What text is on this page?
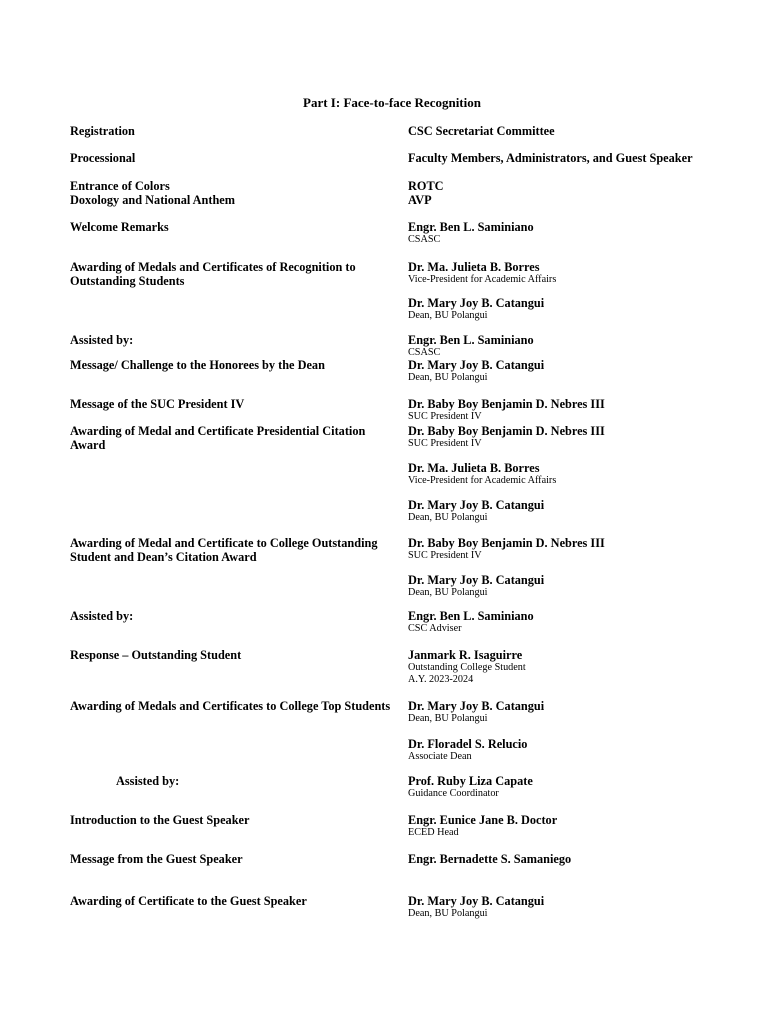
Part I: Face-to-face Recognition
Registration
Processional
Entrance of Colors
Doxology and National Anthem
Welcome Remarks
Awarding of Medals and Certificates of Recognition to Outstanding Students
Assisted by:
Message/ Challenge to the Honorees by the Dean
Message of the SUC President IV
Awarding of Medal and Certificate Presidential Citation Award
Awarding of Medal and Certificate to College Outstanding Student and Dean’s Citation Award
Assisted by:
Response – Outstanding Student
Awarding of Medals and Certificates to College Top Students
Assisted by:
Introduction to the Guest Speaker
Message from the Guest Speaker
Awarding of Certificate to the Guest Speaker
CSC Secretariat Committee
Faculty Members, Administrators, and Guest Speaker
ROTC
AVP
Engr. Ben L. Saminiano
CSASC
Dr. Ma. Julieta B. Borres
Vice-President for Academic Affairs
Dr. Mary Joy B. Catangui
Dean, BU Polangui
Engr. Ben L. Saminiano
CSASC
Dr. Mary Joy B. Catangui
Dean, BU Polangui
Dr. Baby Boy Benjamin D. Nebres III
SUC President IV
Dr. Baby Boy Benjamin D. Nebres III
SUC President IV
Dr. Ma. Julieta B. Borres
Vice-President for Academic Affairs
Dr. Mary Joy B. Catangui
Dean, BU Polangui
Dr. Baby Boy Benjamin D. Nebres III
SUC President IV
Dr. Mary Joy B. Catangui
Dean, BU Polangui
Engr. Ben L. Saminiano
CSC Adviser
Janmark R. Isaguirre
Outstanding College Student
A.Y. 2023-2024
Dr. Mary Joy B. Catangui
Dean, BU Polangui
Dr. Floradel S. Relucio
Associate Dean
Prof. Ruby Liza Capate
Guidance Coordinator
Engr. Eunice Jane B. Doctor
ECED Head
Engr. Bernadette S. Samaniego
Dr. Mary Joy B. Catangui
Dean, BU Polangui
